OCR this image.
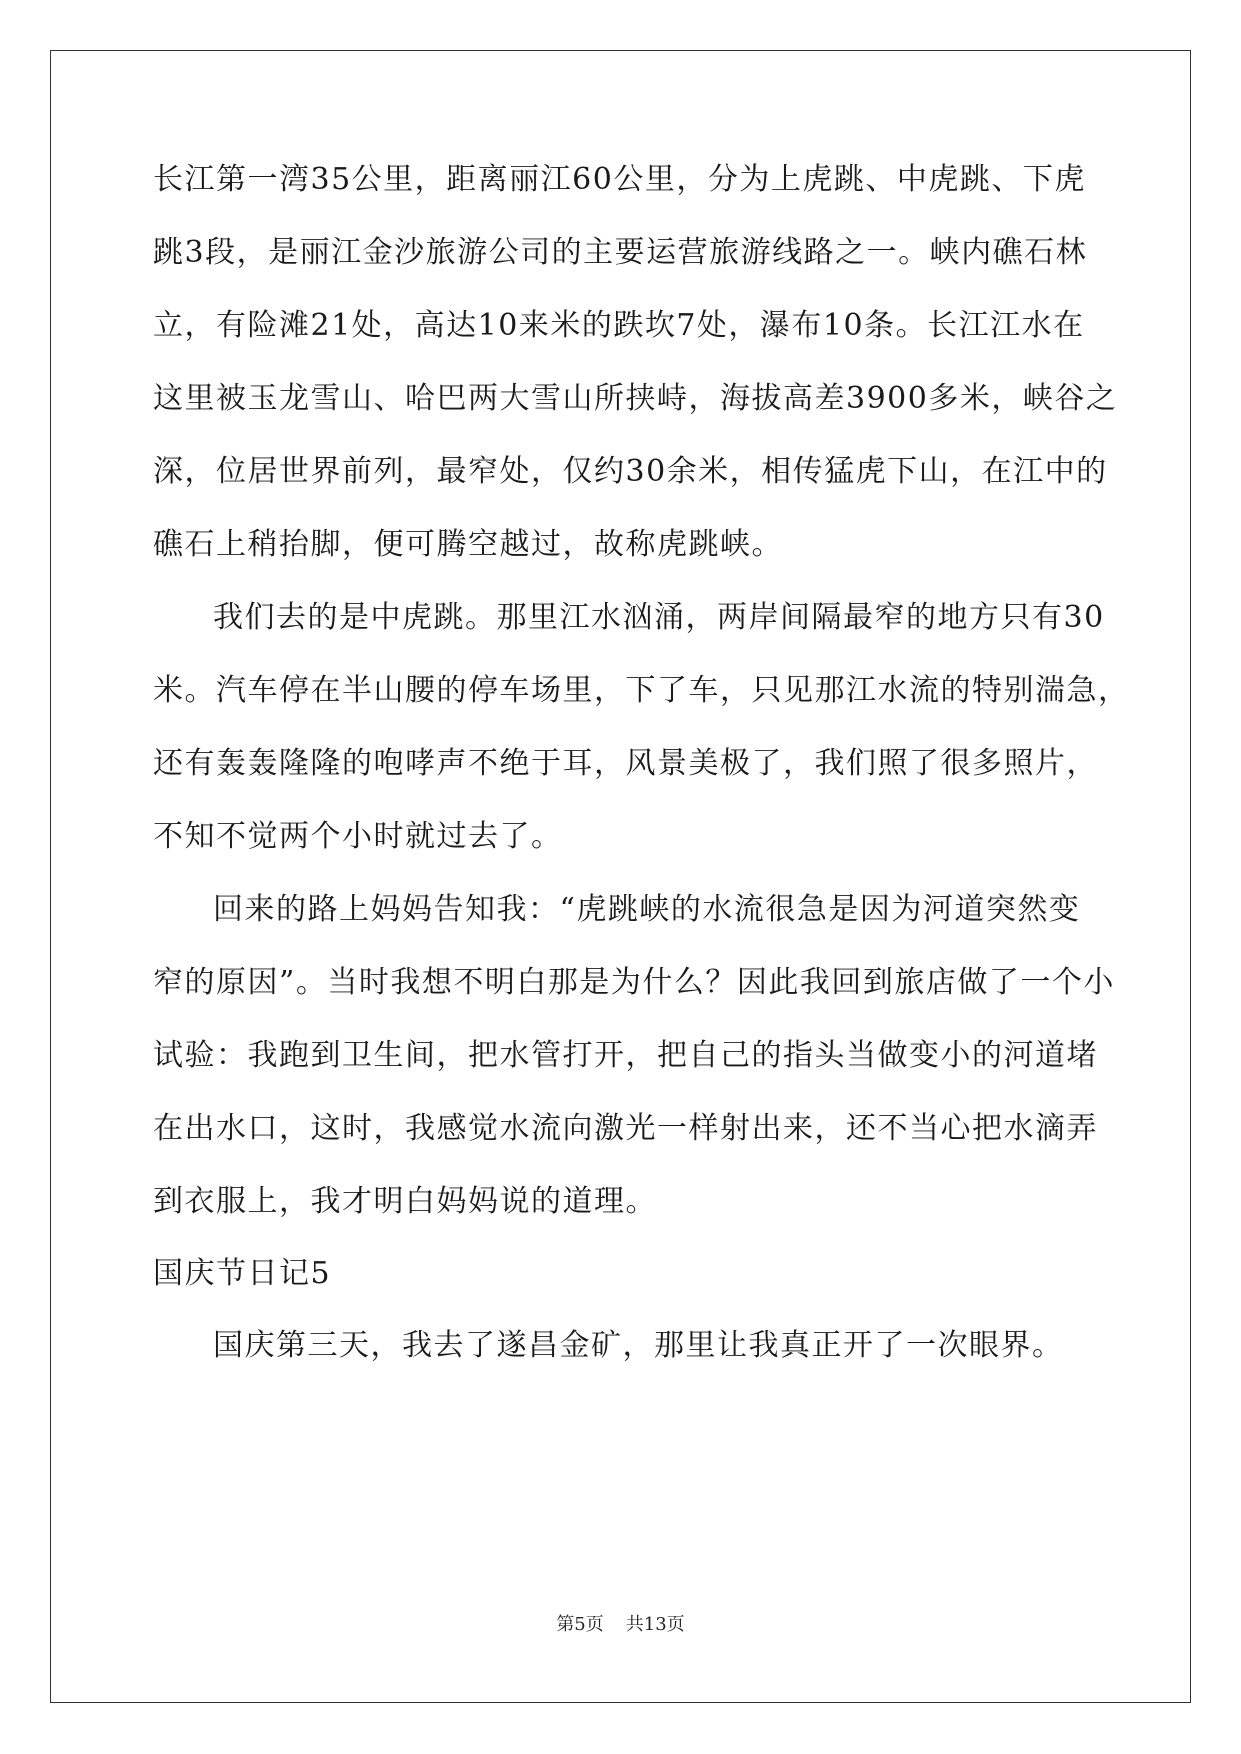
长江第一湾35公里，距离丽江60公里，分为上虎跳、中虎跳、下虎
跳3段，是丽江金沙旅游公司的主要运营旅游线路之一。峡内礁石林
立，有险滩21处，高达10来米的跌坎7处，瀑布10条。长江江水在
这里被玉龙雪山、哈巴两大雪山所挟峙，海拔高差3900多米，峡谷之
深，位居世界前列，最窄处，仅约30余米，相传猛虎下山，在江中的
礁石上稍抬脚，便可腾空越过，故称虎跳峡。
我们去的是中虎跳。那里江水汹涌，两岸间隔最窄的地方只有30
米。汽车停在半山腰的停车场里，下了车，只见那江水流的特别湍急，
还有轰轰隆隆的咆哮声不绝于耳，风景美极了，我们照了很多照片，
不知不觉两个小时就过去了。
回来的路上妈妈告知我：“虎跳峡的水流很急是因为河道突然变
窄的原因”。当时我想不明白那是为什么？因此我回到旅店做了一个小
试验：我跑到卫生间，把水管打开，把自己的指头当做变小的河道堵
在出水口，这时，我感觉水流向激光一样射出来，还不当心把水滴弄
到衣服上，我才明白妈妈说的道理。
国庆节日记5
国庆第三天，我去了遂昌金矿，那里让我真正开了一次眼界。
第5页 共13页
